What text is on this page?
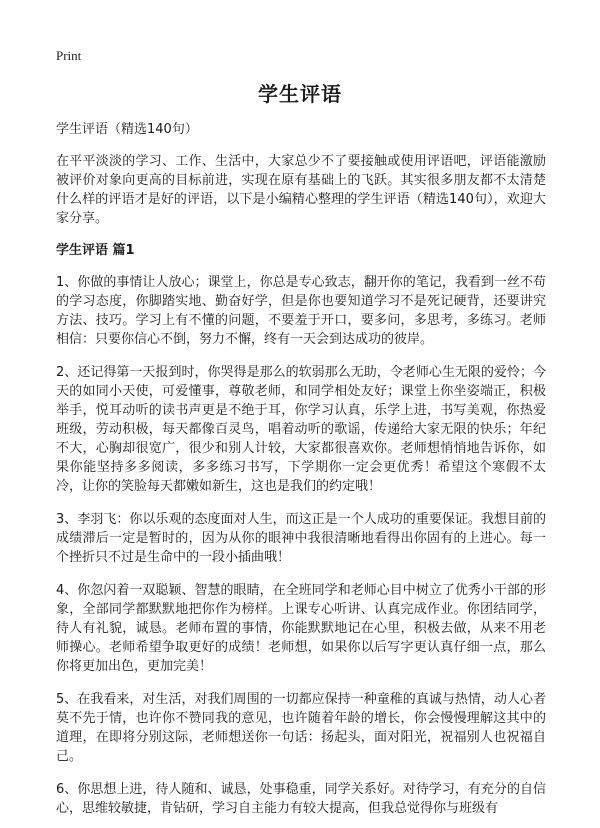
Print
学生评语

学生评语（精选140句）

在平平淡淡的学习、工作、生活中，大家总少不了要接触或使用评语吧，评语能激励被评价对象向更高的目标前进，实现在原有基础上的飞跃。其实很多朋友都不太清楚什么样的评语才是好的评语，以下是小编精心整理的学生评语（精选140句），欢迎大家分享。

学生评语 篇1

1、你做的事情让人放心；课堂上，你总是专心致志，翻开你的笔记，我看到一丝不苟的学习态度，你脚踏实地、勤奋好学，但是你也要知道学习不是死记硬背，还要讲究方法、技巧。学习上有不懂的问题，不要羞于开口，要多问，多思考，多练习。老师相信：只要你信心不倒，努力不懈，终有一天会到达成功的彼岸。

2、还记得第一天报到时，你哭得是那么的软弱那么无助，令老师心生无限的爱怜；今天的如同小天使，可爱懂事，尊敬老师，和同学相处友好；课堂上你坐姿端正，积极举手，悦耳动听的读书声更是不绝于耳，你学习认真，乐学上进，书写美观，你热爱班级，劳动积极，每天都像百灵鸟，唱着动听的歌谣，传递给大家无限的快乐；年纪不大，心胸却很宽广，很少和别人计较，大家都很喜欢你。老师想悄悄地告诉你，如果你能坚持多多阅读，多多练习书写，下学期你一定会更优秀！希望这个寒假不太冷，让你的笑脸每天都嫩如新生，这也是我们的约定哦！

3、李羽飞：你以乐观的态度面对人生，而这正是一个人成功的重要保证。我想目前的成绩滞后一定是暂时的，因为从你的眼神中我很清晰地看得出你固有的上进心。每一个挫折只不过是生命中的一段小插曲哦！

4、你忽闪着一双聪颖、智慧的眼睛，在全班同学和老师心目中树立了优秀小干部的形象，全部同学都默默地把你作为榜样。上课专心听讲、认真完成作业。你团结同学，待人有礼貌，诚恳。老师布置的事情，你能默默地记在心里，积极去做，从来不用老师操心。老师希望争取更好的成绩！老师想，如果你以后写字更认真仔细一点，那么你将更加出色，更加完美！

5、在我看来，对生活，对我们周围的一切都应保持一种童稚的真诚与热情，动人心者莫不先于情，也许你不赞同我的意见，也许随着年龄的增长，你会慢慢理解这其中的道理，在即将分别这际，老师想送你一句话：扬起头，面对阳光，祝福别人也祝福自己。

6、你思想上进，待人随和、诚恳，处事稳重，同学关系好。对待学习，有充分的自信心，思维较敏捷，肯钻研，学习自主能力有较大提高，但我总觉得你与班级有
